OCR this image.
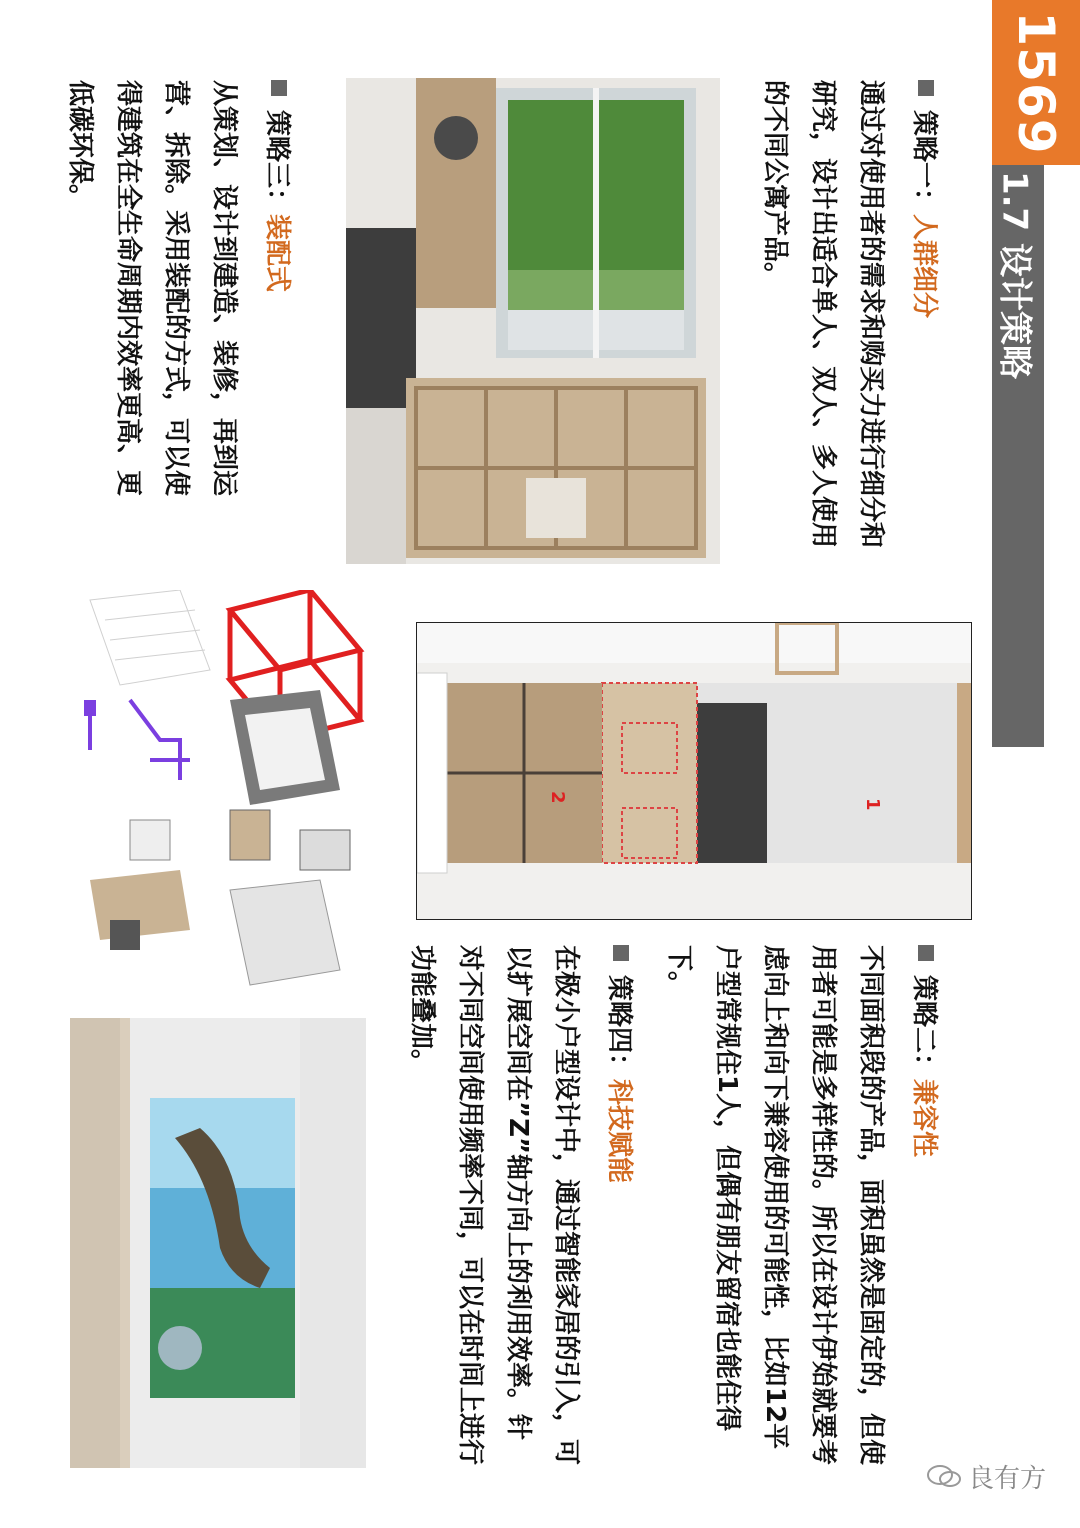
1569
1.7 设计策略
策略一：人群细分
通过对使用者的需求和购买力进行细分和研究，设计出适合单人、双人、多人使用的不同公寓产品。
策略二：兼容性
不同面积段的产品，面积虽然是固定的，但使用者可能是多样性的。所以在设计伊始就要考虑向上和向下兼容使用的可能性，比如12平户型常规住1人，但偶有朋友留宿也能住得下。
策略三：装配式
从策划、设计到建造、装修，再到运营、拆除。采用装配的方式，可以使得建筑在全生命周期内效率更高、更低碳环保。
策略四：科技赋能
在极小户型设计中，通过智能家居的引入，可以扩展空间在”Z”轴方向上的利用效率。针对不同空间使用频率不同，可以在时间上进行功能叠加。
1
2
良有方
